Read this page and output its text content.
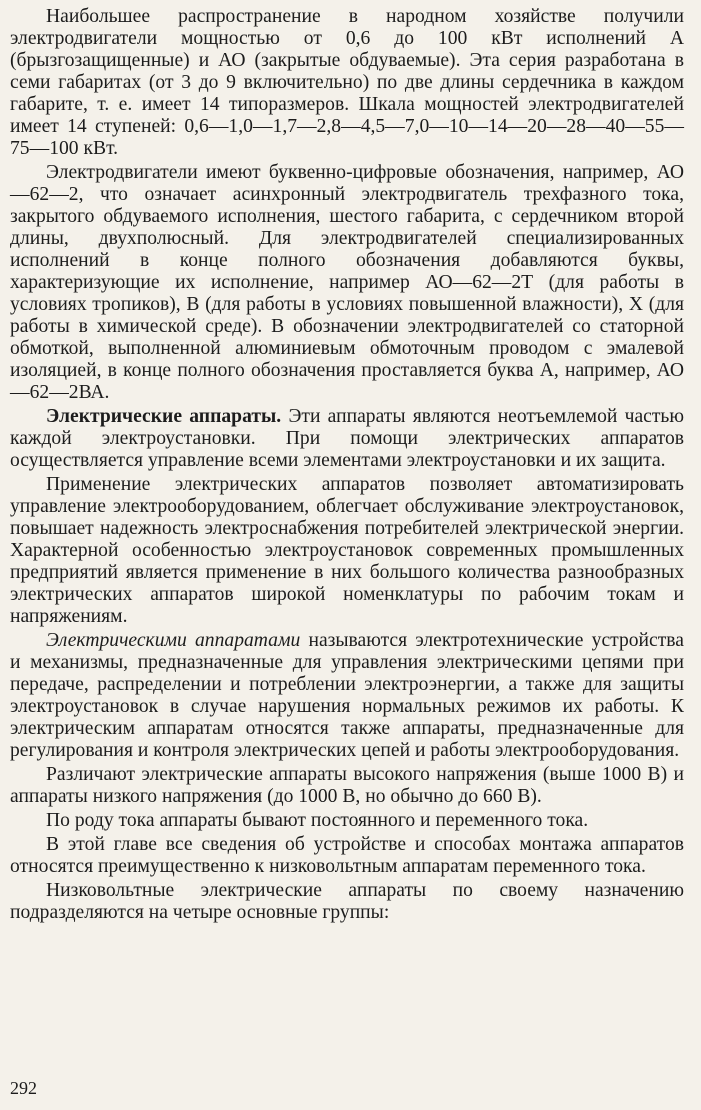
Наибольшее распространение в народном хозяйстве получили электродвигатели мощностью от 0,6 до 100 кВт исполнений А (брызгозащищенные) и АО (закрытые обдуваемые). Эта серия разработана в семи габаритах (от 3 до 9 включительно) по две длины сердечника в каждом габарите, т. е. имеет 14 типоразмеров. Шкала мощностей электродвигателей имеет 14 ступеней: 0,6—1,0—1,7—2,8—4,5—7,0—10—14—20—28—40—55—75—100 кВт.

Электродвигатели имеют буквенно-цифровые обозначения, например, АО—62—2, что означает асинхронный электродвигатель трехфазного тока, закрытого обдуваемого исполнения, шестого габарита, с сердечником второй длины, двухполюсный. Для электродвигателей специализированных исполнений в конце полного обозначения добавляются буквы, характеризующие их исполнение, например АО—62—2Т (для работы в условиях тропиков), В (для работы в условиях повышенной влажности), X (для работы в химической среде). В обозначении электродвигателей со статорной обмоткой, выполненной алюминиевым обмоточным проводом с эмалевой изоляцией, в конце полного обозначения проставляется буква А, например, АО—62—2ВА.

Электрические аппараты. Эти аппараты являются неотъемлемой частью каждой электроустановки. При помощи электрических аппаратов осуществляется управление всеми элементами электроустановки и их защита.

Применение электрических аппаратов позволяет автоматизировать управление электрооборудованием, облегчает обслуживание электроустановок, повышает надежность электроснабжения потребителей электрической энергии. Характерной особенностью электроустановок современных промышленных предприятий является применение в них большого количества разнообразных электрических аппаратов широкой номенклатуры по рабочим токам и напряжениям.

Электрическими аппаратами называются электротехнические устройства и механизмы, предназначенные для управления электрическими цепями при передаче, распределении и потреблении электроэнергии, а также для защиты электроустановок в случае нарушения нормальных режимов их работы. К электрическим аппаратам относятся также аппараты, предназначенные для регулирования и контроля электрических цепей и работы электрооборудования.

Различают электрические аппараты высокого напряжения (выше 1000 В) и аппараты низкого напряжения (до 1000 В, но обычно до 660 В).

По роду тока аппараты бывают постоянного и переменного тока.

В этой главе все сведения об устройстве и способах монтажа аппаратов относятся преимущественно к низковольтным аппаратам переменного тока.

Низковольтные электрические аппараты по своему назначению подразделяются на четыре основные группы:

292
